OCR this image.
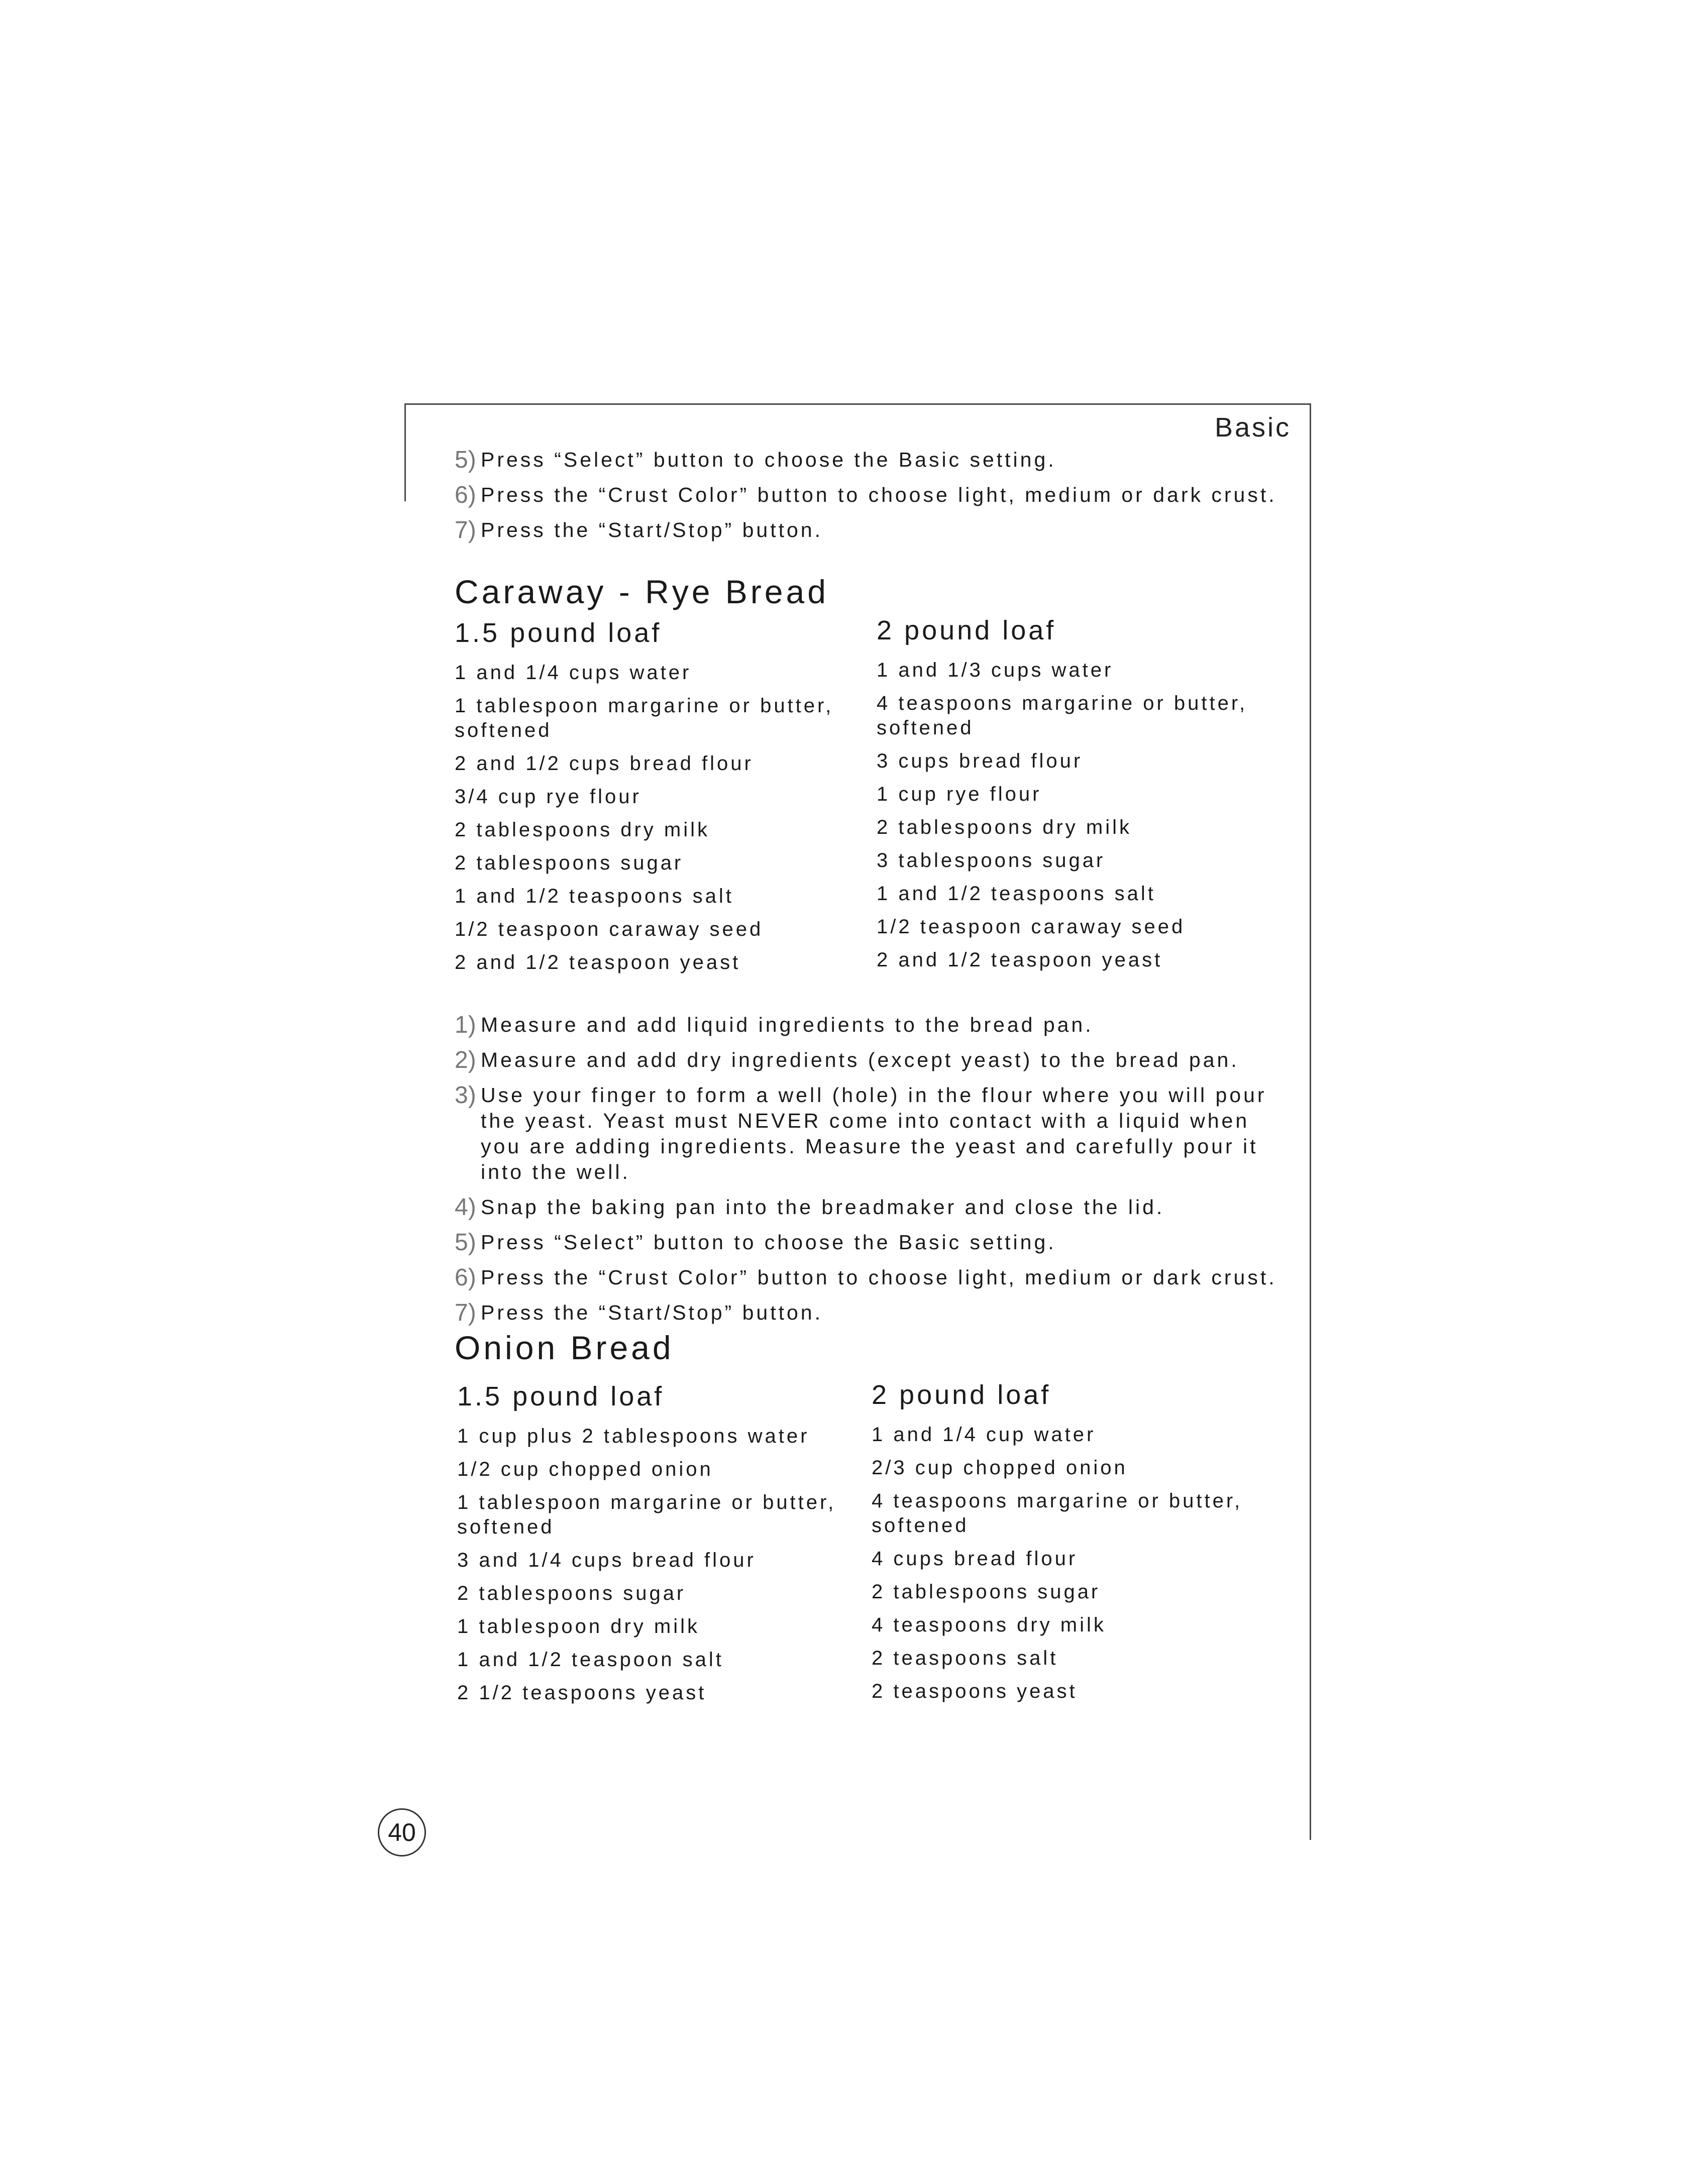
Basic
5) Press “Select” button to choose the Basic setting.
6) Press the “Crust Color” button to choose light, medium or dark crust.
7) Press the “Start/Stop” button.
Caraway - Rye Bread
1.5 pound loaf
1 and 1/4 cups water
1 tablespoon margarine or butter, softened
2 and 1/2 cups bread flour
3/4 cup rye flour
2 tablespoons dry milk
2 tablespoons sugar
1 and 1/2 teaspoons salt
1/2 teaspoon caraway seed
2 and 1/2 teaspoon yeast
2 pound loaf
1 and 1/3 cups water
4 teaspoons margarine or butter, softened
3 cups bread flour
1 cup rye flour
2 tablespoons dry milk
3 tablespoons sugar
1 and 1/2 teaspoons salt
1/2 teaspoon caraway seed
2 and 1/2 teaspoon yeast
1) Measure and add liquid ingredients to the bread pan.
2) Measure and add dry ingredients (except yeast) to the bread pan.
3) Use your finger to form a well (hole) in the flour where you will pour the yeast. Yeast must NEVER come into contact with a liquid when you are adding ingredients. Measure the yeast and carefully pour it into the well.
4) Snap the baking pan into the breadmaker and close the lid.
5) Press “Select” button to choose the Basic setting.
6) Press the “Crust Color” button to choose light, medium or dark crust.
7) Press the “Start/Stop” button.
Onion Bread
1.5 pound loaf
1 cup plus 2 tablespoons water
1/2 cup chopped onion
1 tablespoon margarine or butter, softened
3 and 1/4 cups bread flour
2 tablespoons sugar
1 tablespoon dry milk
1 and 1/2 teaspoon salt
2 1/2 teaspoons yeast
2 pound loaf
1 and 1/4 cup water
2/3 cup chopped onion
4 teaspoons margarine or butter, softened
4 cups bread flour
2 tablespoons sugar
4 teaspoons dry milk
2 teaspoons salt
2 teaspoons yeast
40
